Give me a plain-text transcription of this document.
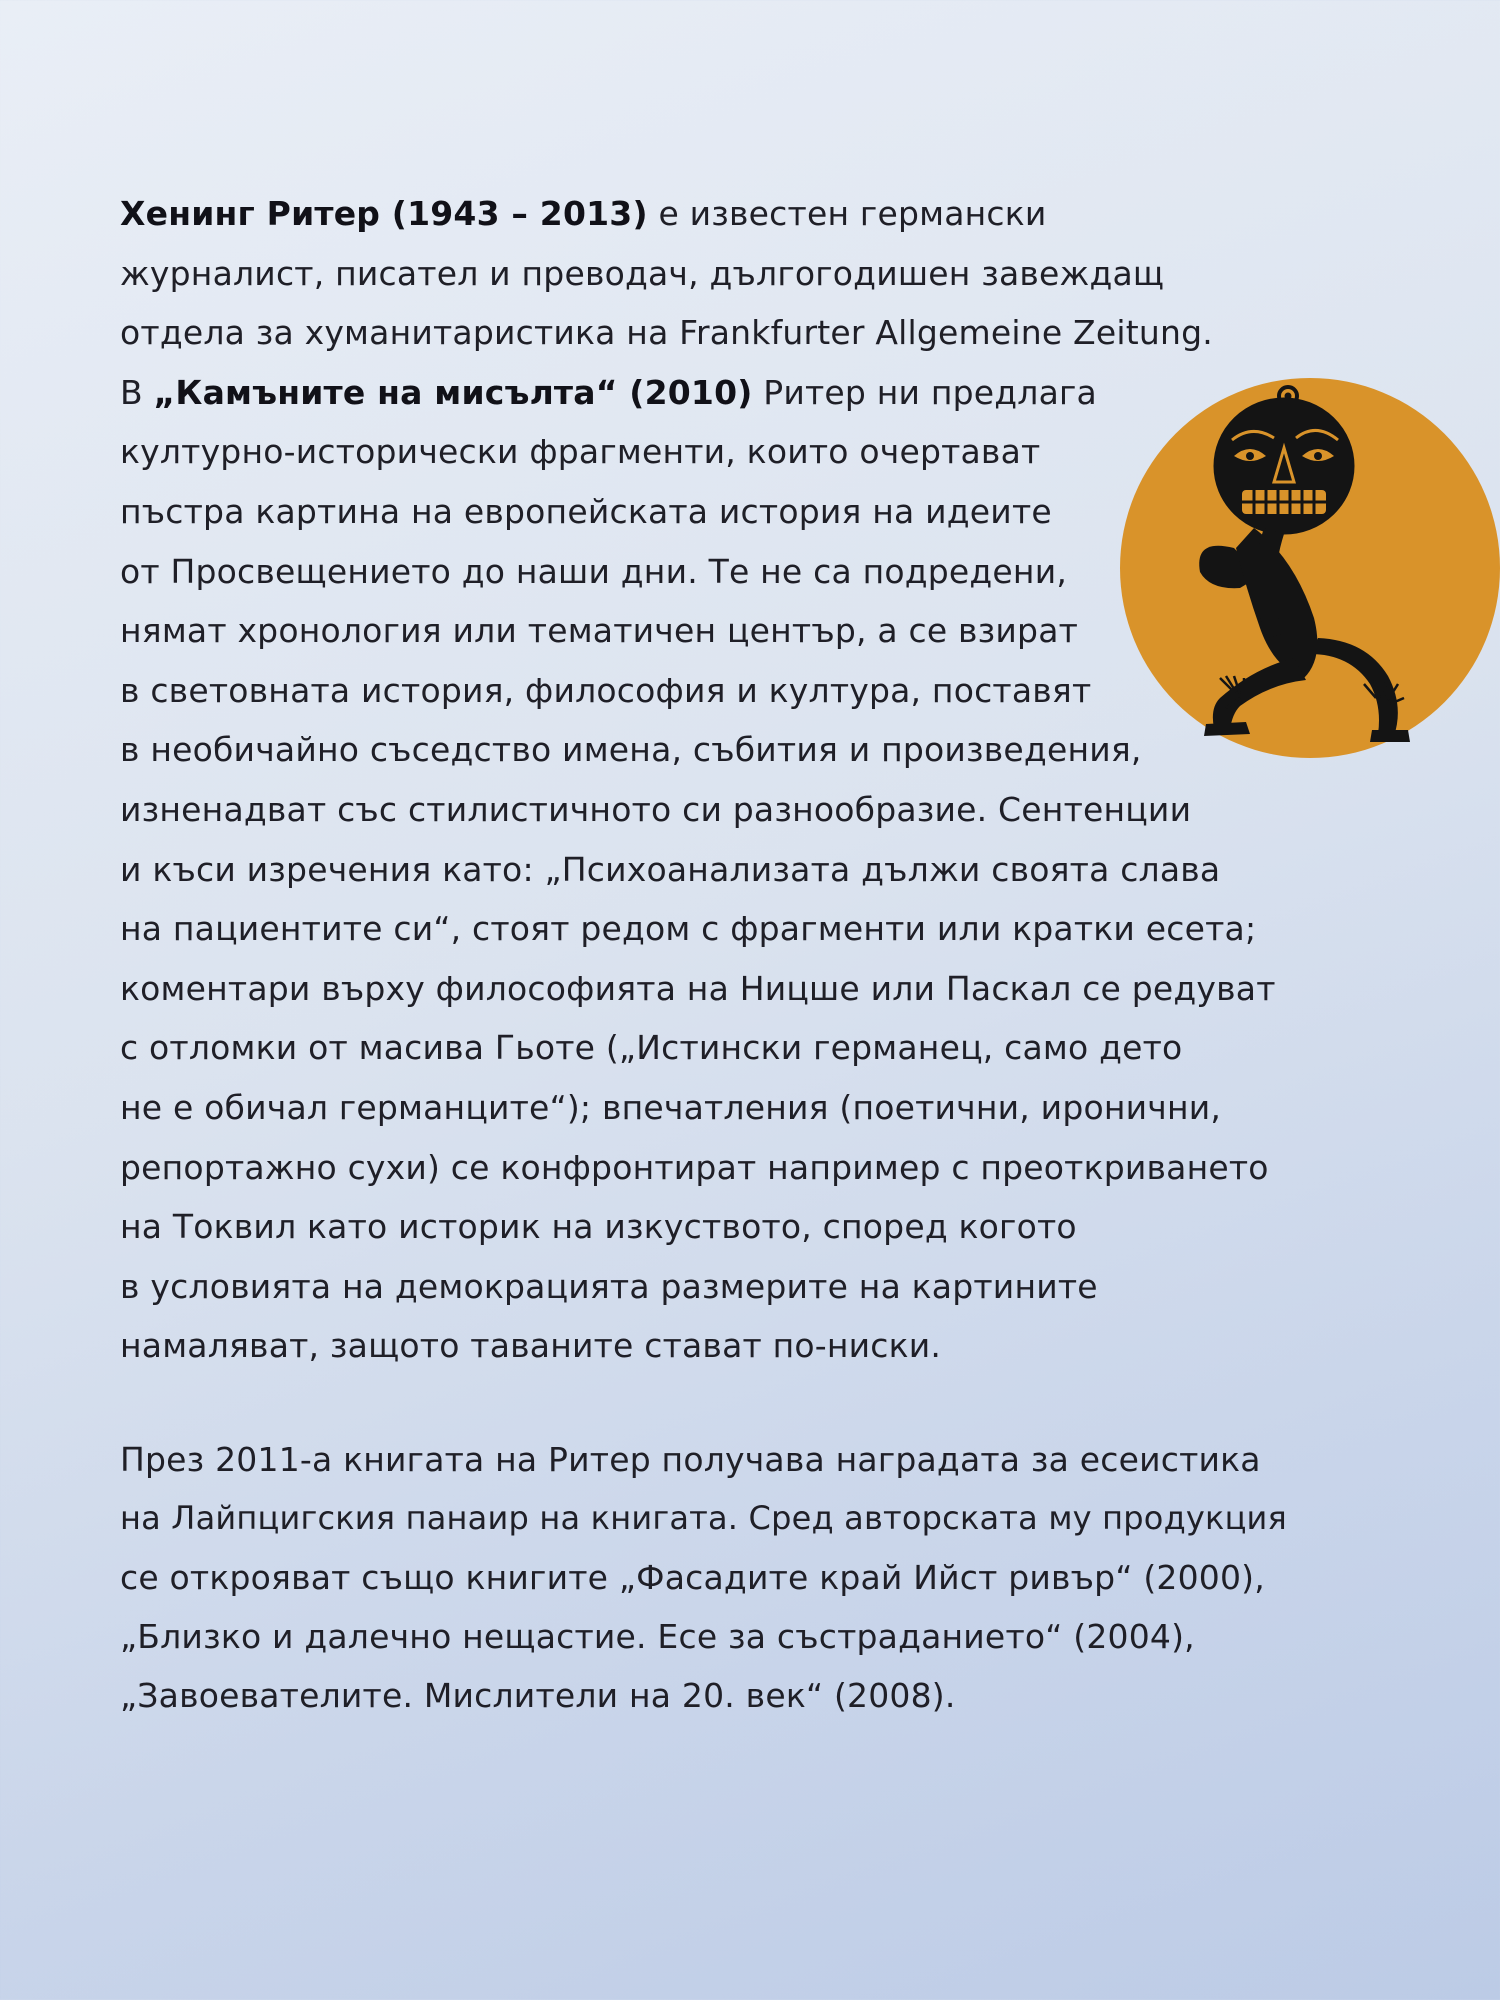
Хенинг Ритер (1943 – 2013) е известен германски
журналист, писател и преводач, дългогодишен завеждащ
отдела за хуманитаристика на Frankfurter Allgemeine Zeitung.
В „Камъните на мисълта“ (2010) Ритер ни предлага
културно-исторически фрагменти, които очертават
пъстра картина на европейската история на идеите
от Просвещението до наши дни. Те не са подредени,
нямат хронология или тематичен център, а се взират
в световната история, философия и култура, поставят
в необичайно съседство имена, събития и произведения,
изненадват със стилистичното си разнообразие. Сентенции
и къси изречения като: „Психоанализата дължи своята слава
на пациентите си“, стоят редом с фрагменти или кратки есета;
коментари върху философията на Ницше или Паскал се редуват
с отломки от масива Гьоте („Истински германец, само дето
не е обичал германците“); впечатления (поетични, иронични,
репортажно сухи) се конфронтират например с преоткриването
на Токвил като историк на изкуството, според когото
в условията на демокрацията размерите на картините
намаляват, защото таваните стават по-ниски.
През 2011-а книгата на Ритер получава наградата за есеистика
на Лайпцигския панаир на книгата. Сред авторската му продукция
се открояват също книгите „Фасадите край Ийст ривър“ (2000),
„Близко и далечно нещастие. Есе за състраданието“ (2004),
„Завоевателите. Мислители на 20. век“ (2008).
